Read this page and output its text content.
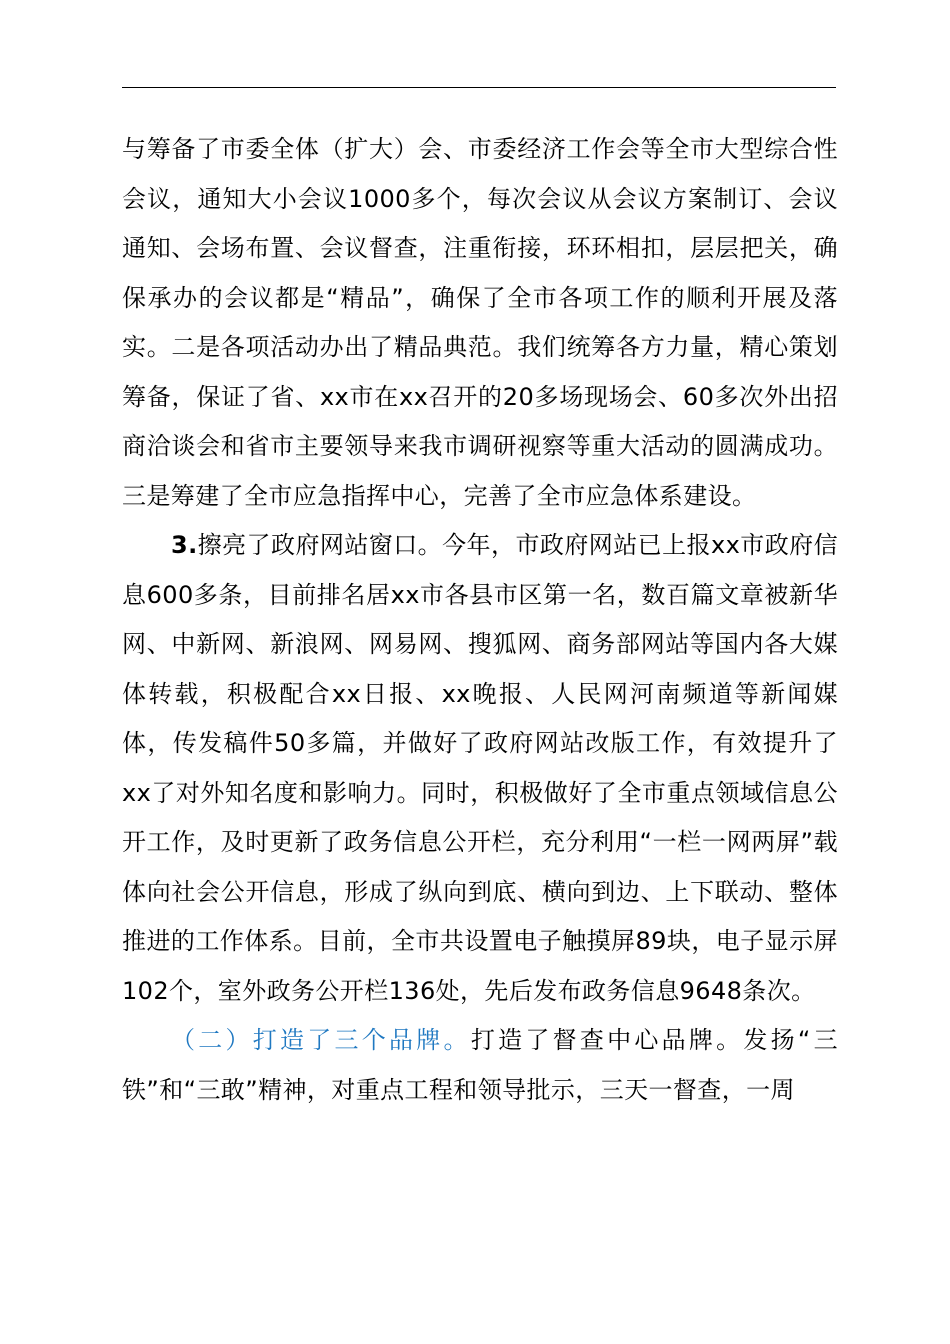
与筹备了市委全体（扩大）会、市委经济工作会等全市大型综合性会议，通知大小会议1000多个，每次会议从会议方案制订、会议通知、会场布置、会议督查，注重衔接，环环相扣，层层把关，确保承办的会议都是“精品”，确保了全市各项工作的顺利开展及落实。二是各项活动办出了精品典范。我们统筹各方力量，精心策划筹备，保证了省、xx市在xx召开的20多场现场会、60多次外出招商洽谈会和省市主要领导来我市调研视察等重大活动的圆满成功。三是筹建了全市应急指挥中心，完善了全市应急体系建设。

3.擦亮了政府网站窗口。今年，市政府网站已上报xx市政府信息600多条，目前排名居xx市各县市区第一名，数百篇文章被新华网、中新网、新浪网、网易网、搜狐网、商务部网站等国内各大媒体转载，积极配合xx日报、xx晚报、人民网河南频道等新闻媒体，传发稿件50多篇，并做好了政府网站改版工作，有效提升了xx了对外知名度和影响力。同时，积极做好了全市重点领域信息公开工作，及时更新了政务信息公开栏，充分利用“一栏一网两屏”载体向社会公开信息，形成了纵向到底、横向到边、上下联动、整体推进的工作体系。目前，全市共设置电子触摸屏89块，电子显示屏102个，室外政务公开栏136处，先后发布政务信息9648条次。

（二）打造了三个品牌。打造了督查中心品牌。发扬“三铁”和“三敢”精神，对重点工程和领导批示，三天一督查，一周
